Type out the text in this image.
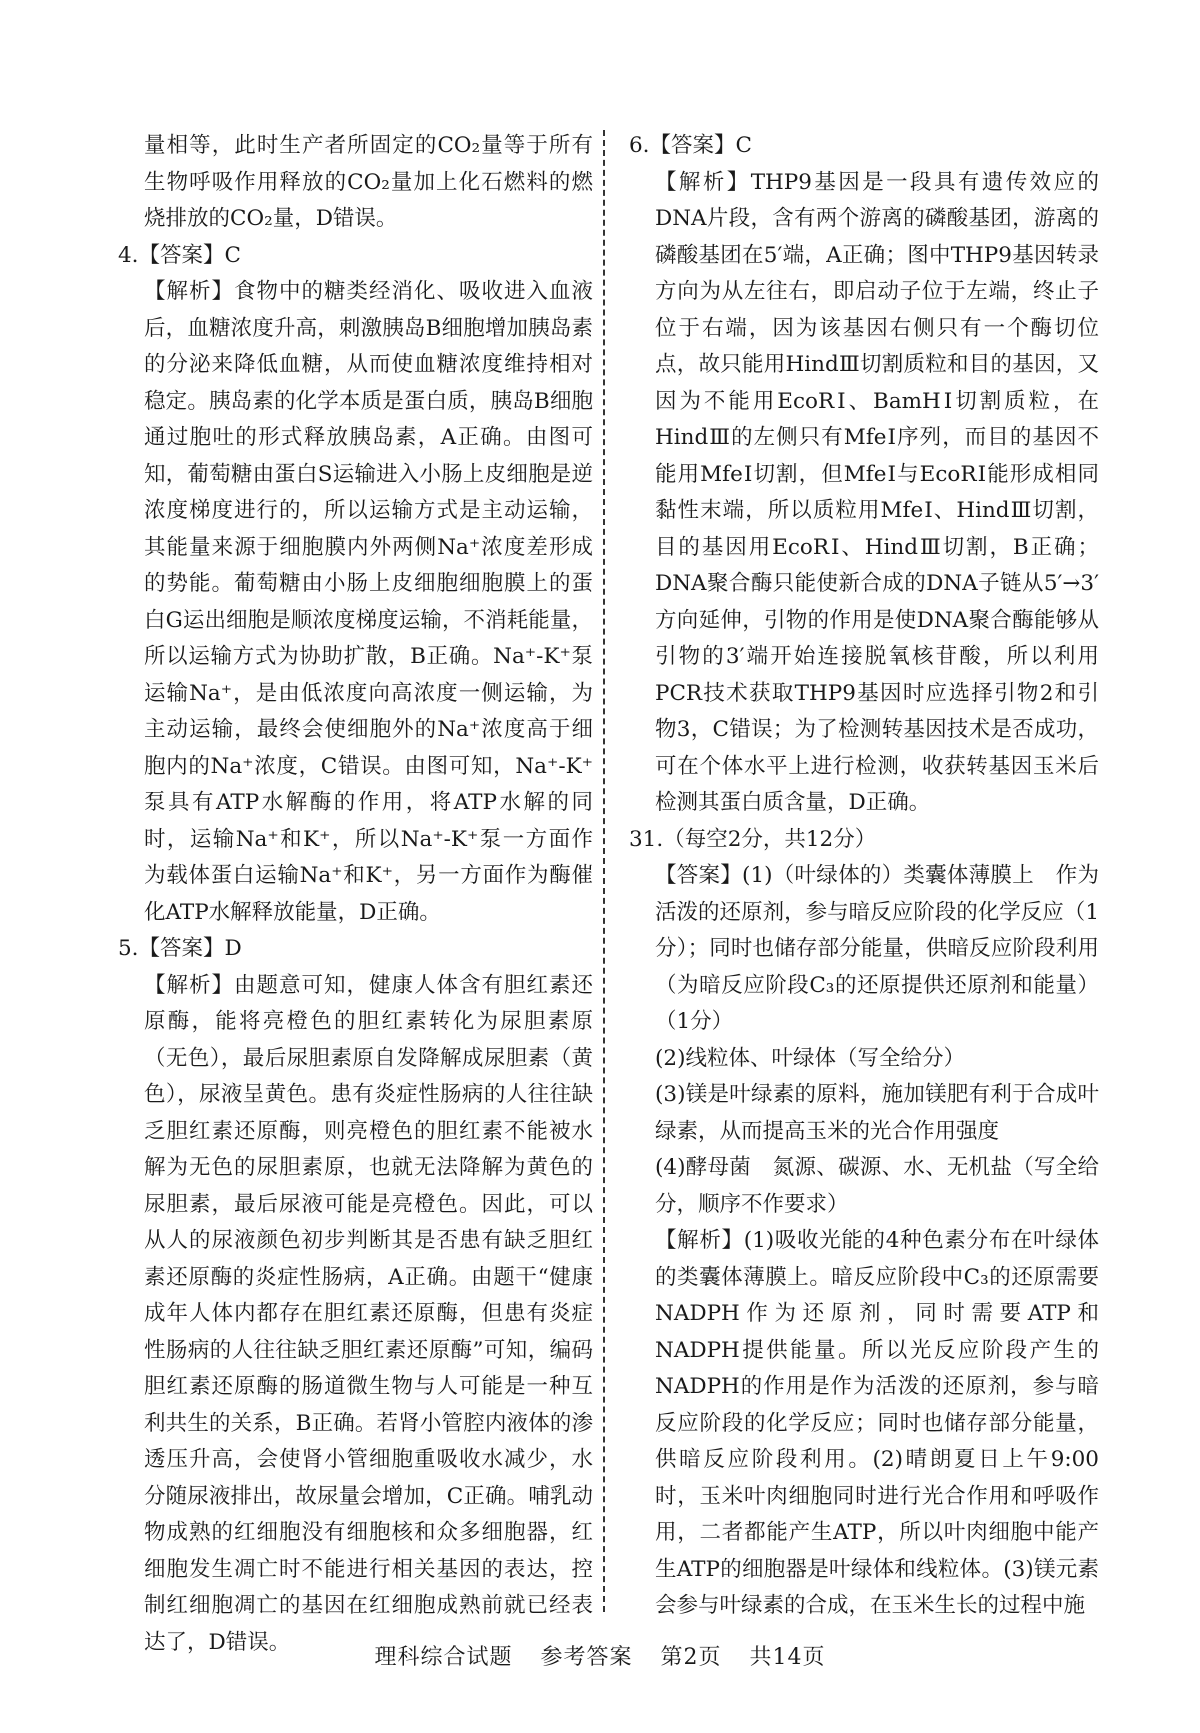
量相等，此时生产者所固定的CO₂量等于所有生物呼吸作用释放的CO₂量加上化石燃料的燃烧排放的CO₂量，D错误。

4.【答案】C

【解析】食物中的糖类经消化、吸收进入血液后，血糖浓度升高，刺激胰岛B细胞增加胰岛素的分泌来降低血糖，从而使血糖浓度维持相对稳定。胰岛素的化学本质是蛋白质，胰岛B细胞通过胞吐的形式释放胰岛素，A正确。由图可知，葡萄糖由蛋白S运输进入小肠上皮细胞是逆浓度梯度进行的，所以运输方式是主动运输，其能量来源于细胞膜内外两侧Na⁺浓度差形成的势能。葡萄糖由小肠上皮细胞细胞膜上的蛋白G运出细胞是顺浓度梯度运输，不消耗能量，所以运输方式为协助扩散，B正确。Na⁺-K⁺泵运输Na⁺，是由低浓度向高浓度一侧运输，为主动运输，最终会使细胞外的Na⁺浓度高于细胞内的Na⁺浓度，C错误。由图可知，Na⁺-K⁺泵具有ATP水解酶的作用，将ATP水解的同时，运输Na⁺和K⁺，所以Na⁺-K⁺泵一方面作为载体蛋白运输Na⁺和K⁺，另一方面作为酶催化ATP水解释放能量，D正确。

5.【答案】D

【解析】由题意可知，健康人体含有胆红素还原酶，能将亮橙色的胆红素转化为尿胆素原（无色），最后尿胆素原自发降解成尿胆素（黄色），尿液呈黄色。患有炎症性肠病的人往往缺乏胆红素还原酶，则亮橙色的胆红素不能被水解为无色的尿胆素原，也就无法降解为黄色的尿胆素，最后尿液可能是亮橙色。因此，可以从人的尿液颜色初步判断其是否患有缺乏胆红素还原酶的炎症性肠病，A正确。由题干“健康成年人体内都存在胆红素还原酶，但患有炎症性肠病的人往往缺乏胆红素还原酶”可知，编码胆红素还原酶的肠道微生物与人可能是一种互利共生的关系，B正确。若肾小管腔内液体的渗透压升高，会使肾小管细胞重吸收水减少，水分随尿液排出，故尿量会增加，C正确。哺乳动物成熟的红细胞没有细胞核和众多细胞器，红细胞发生凋亡时不能进行相关基因的表达，控制红细胞凋亡的基因在红细胞成熟前就已经表达了，D错误。

6.【答案】C

【解析】THP9基因是一段具有遗传效应的DNA片段，含有两个游离的磷酸基团，游离的磷酸基团在5′端，A正确；图中THP9基因转录方向为从左往右，即启动子位于左端，终止子位于右端，因为该基因右侧只有一个酶切位点，故只能用HindⅢ切割质粒和目的基因，又因为不能用EcoRⅠ、BamHⅠ切割质粒，在HindⅢ的左侧只有MfeⅠ序列，而目的基因不能用MfeⅠ切割，但MfeⅠ与EcoRⅠ能形成相同黏性末端，所以质粒用MfeⅠ、HindⅢ切割，目的基因用EcoRⅠ、HindⅢ切割，B正确；DNA聚合酶只能使新合成的DNA子链从5′→3′方向延伸，引物的作用是使DNA聚合酶能够从引物的3′端开始连接脱氧核苷酸，所以利用PCR技术获取THP9基因时应选择引物2和引物3，C错误；为了检测转基因技术是否成功，可在个体水平上进行检测，收获转基因玉米后检测其蛋白质含量，D正确。

31.（每空2分，共12分）

【答案】(1)（叶绿体的）类囊体薄膜上　作为活泼的还原剂，参与暗反应阶段的化学反应（1分）；同时也储存部分能量，供暗反应阶段利用（为暗反应阶段C₃的还原提供还原剂和能量）（1分）

(2)线粒体、叶绿体（写全给分）

(3)镁是叶绿素的原料，施加镁肥有利于合成叶绿素，从而提高玉米的光合作用强度

(4)酵母菌　氮源、碳源、水、无机盐（写全给分，顺序不作要求）

【解析】(1)吸收光能的4种色素分布在叶绿体的类囊体薄膜上。暗反应阶段中C₃的还原需要NADPH作为还原剂，同时需要ATP和NADPH提供能量。所以光反应阶段产生的NADPH的作用是作为活泼的还原剂，参与暗反应阶段的化学反应；同时也储存部分能量，供暗反应阶段利用。(2)晴朗夏日上午9:00时，玉米叶肉细胞同时进行光合作用和呼吸作用，二者都能产生ATP，所以叶肉细胞中能产生ATP的细胞器是叶绿体和线粒体。(3)镁元素会参与叶绿素的合成，在玉米生长的过程中施

理科综合试题 参考答案 第2页 共14页
